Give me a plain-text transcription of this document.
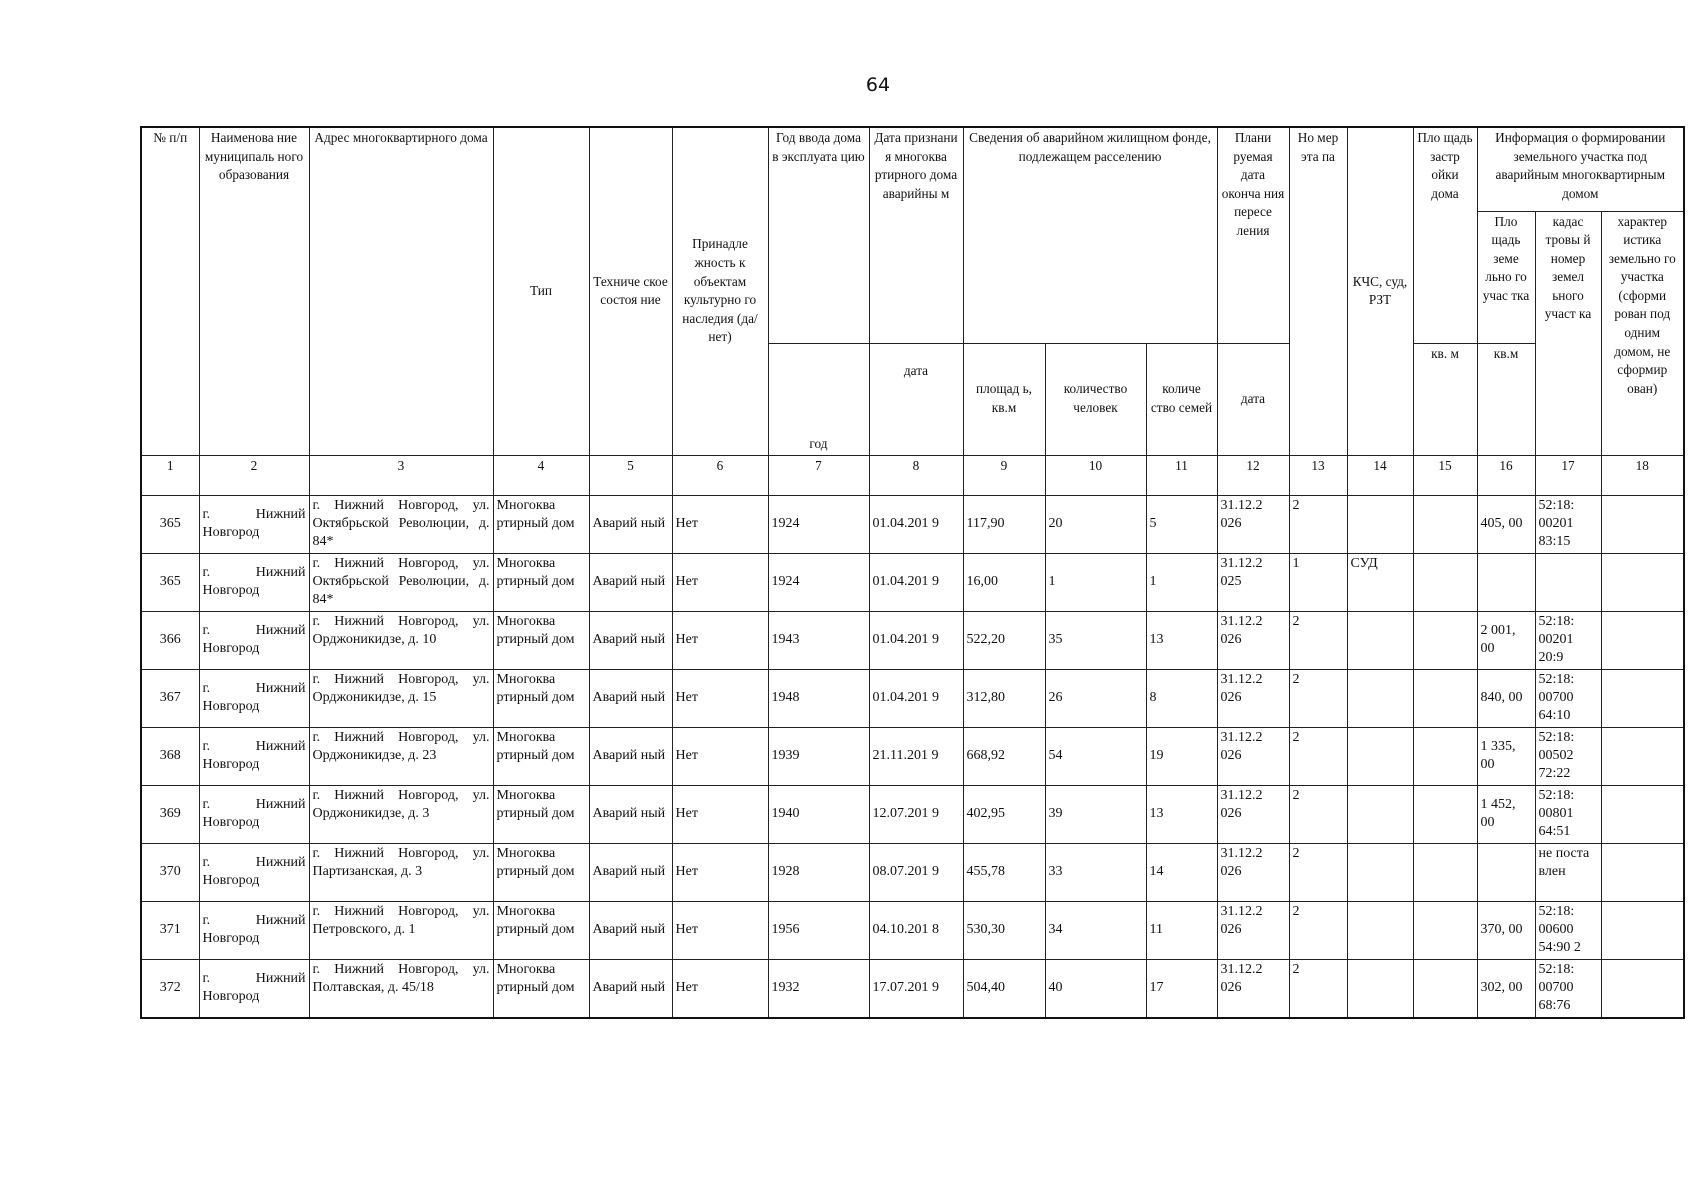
64
№ п/п	Наименова ние муниципаль ного образования	Адрес многоквартирного дома	Тип	Техниче ское состоя ние	Принадле жность к объектам культурно го наследия (да/нет)	Год ввода дома в эксплуата цию	Дата признани я многоква ртирного дома аварийны м	Сведения об аварийном жилищном фонде, подлежащем расселению			Плани руемая дата оконча ния пересе ления	Но мер эта па	КЧС, суд, РЗТ	Пло щадь застр ойки дома	Информация о формировании земельного участка под аварийным многоквартирным домом		
															Пло щадь земе льно го учас тка	кадас тровы й номер земел ьного участ ка	характер истика земельно го участка (сформи рован под одним домом, не сформир ован)
						год	дата	площад ь, кв.м	количество человек	количе ство семей	дата			кв. м	кв.м		
1	2	3	4	5	6	7	8	9	10	11	12	13	14	15	16	17	18
365	г. Нижний Новгород	г. Нижний Новгород, ул. Октябрьской Революции, д. 84*	Многоква ртирный дом	Аварий ный	Нет	1924	01.04.201 9	117,90	20	5	31.12.2 026	2			405, 00	52:18: 00201 83:15	
365	г. Нижний Новгород	г. Нижний Новгород, ул. Октябрьской Революции, д. 84*	Многоква ртирный дом	Аварий ный	Нет	1924	01.04.201 9	16,00	1	1	31.12.2 025	1	СУД				
366	г. Нижний Новгород	г. Нижний Новгород, ул. Орджоникидзе, д. 10	Многоква ртирный дом	Аварий ный	Нет	1943	01.04.201 9	522,20	35	13	31.12.2 026	2			2 001, 00	52:18: 00201 20:9	
367	г. Нижний Новгород	г. Нижний Новгород, ул. Орджоникидзе, д. 15	Многоква ртирный дом	Аварий ный	Нет	1948	01.04.201 9	312,80	26	8	31.12.2 026	2			840, 00	52:18: 00700 64:10	
368	г. Нижний Новгород	г. Нижний Новгород, ул. Орджоникидзе, д. 23	Многоква ртирный дом	Аварий ный	Нет	1939	21.11.201 9	668,92	54	19	31.12.2 026	2			1 335, 00	52:18: 00502 72:22	
369	г. Нижний Новгород	г. Нижний Новгород, ул. Орджоникидзе, д. 3	Многоква ртирный дом	Аварий ный	Нет	1940	12.07.201 9	402,95	39	13	31.12.2 026	2			1 452, 00	52:18: 00801 64:51	
370	г. Нижний Новгород	г. Нижний Новгород, ул. Партизанская, д. 3	Многоква ртирный дом	Аварий ный	Нет	1928	08.07.201 9	455,78	33	14	31.12.2 026	2				не поста влен	
371	г. Нижний Новгород	г. Нижний Новгород, ул. Петровского, д. 1	Многоква ртирный дом	Аварий ный	Нет	1956	04.10.201 8	530,30	34	11	31.12.2 026	2			370, 00	52:18: 00600 54:90 2	
372	г. Нижний Новгород	г. Нижний Новгород, ул. Полтавская, д. 45/18	Многоква ртирный дом	Аварий ный	Нет	1932	17.07.201 9	504,40	40	17	31.12.2 026	2			302, 00	52:18: 00700 68:76	
